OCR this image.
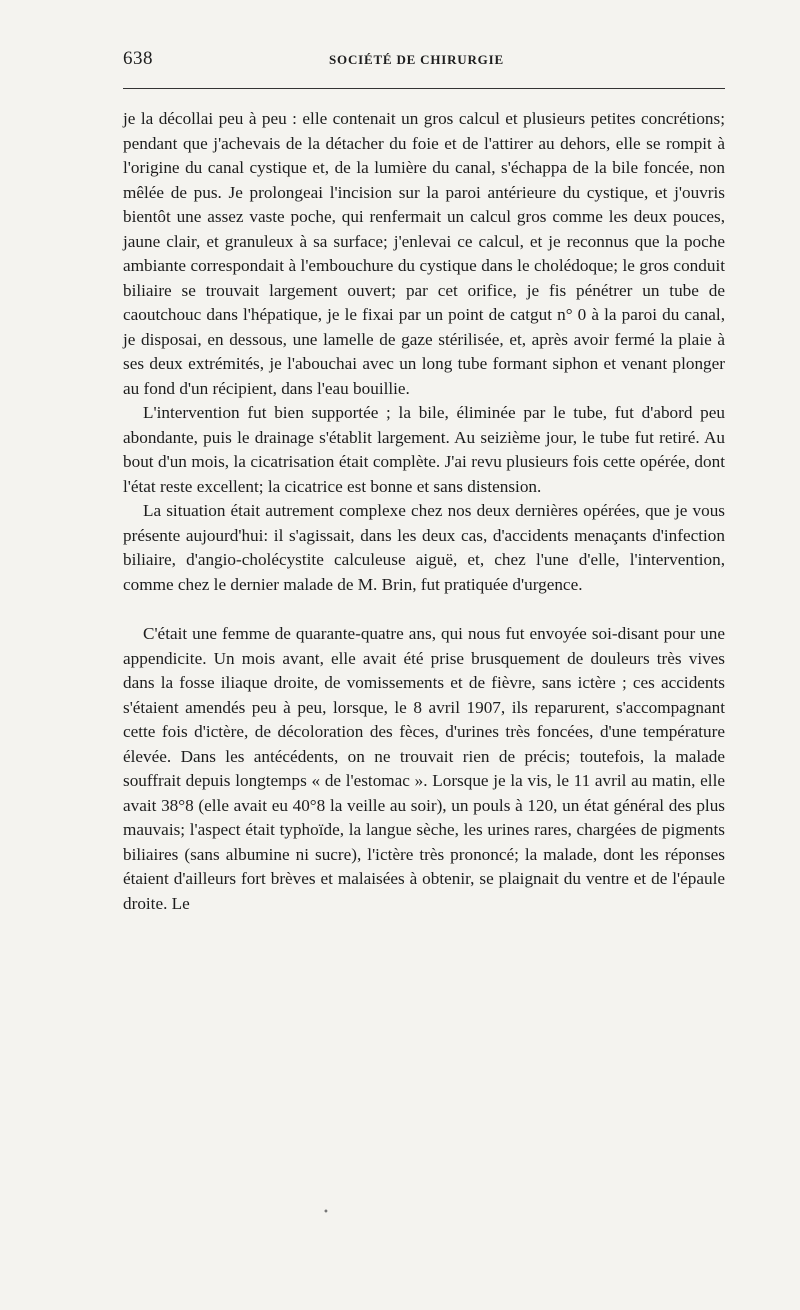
638	SOCIÉTÉ DE CHIRURGIE

je la décollai peu à peu : elle contenait un gros calcul et plusieurs petites concrétions; pendant que j'achevais de la détacher du foie et de l'attirer au dehors, elle se rompit à l'origine du canal cystique et, de la lumière du canal, s'échappa de la bile foncée, non mêlée de pus. Je prolongeai l'incision sur la paroi antérieure du cystique, et j'ouvris bientôt une assez vaste poche, qui renfermait un calcul gros comme les deux pouces, jaune clair, et granuleux à sa surface; j'enlevai ce calcul, et je reconnus que la poche ambiante correspondait à l'embouchure du cystique dans le cholédoque; le gros conduit biliaire se trouvait largement ouvert; par cet orifice, je fis pénétrer un tube de caoutchouc dans l'hépatique, je le fixai par un point de catgut n° 0 à la paroi du canal, je disposai, en dessous, une lamelle de gaze stérilisée, et, après avoir fermé la plaie à ses deux extrémités, je l'abouchai avec un long tube formant siphon et venant plonger au fond d'un récipient, dans l'eau bouillie.

L'intervention fut bien supportée ; la bile, éliminée par le tube, fut d'abord peu abondante, puis le drainage s'établit largement. Au seizième jour, le tube fut retiré. Au bout d'un mois, la cicatrisation était complète. J'ai revu plusieurs fois cette opérée, dont l'état reste excellent; la cicatrice est bonne et sans distension.

La situation était autrement complexe chez nos deux dernières opérées, que je vous présente aujourd'hui: il s'agissait, dans les deux cas, d'accidents menaçants d'infection biliaire, d'angio-cholécystite calculeuse aiguë, et, chez l'une d'elle, l'intervention, comme chez le dernier malade de M. Brin, fut pratiquée d'urgence.

C'était une femme de quarante-quatre ans, qui nous fut envoyée soi-disant pour une appendicite. Un mois avant, elle avait été prise brusquement de douleurs très vives dans la fosse iliaque droite, de vomissements et de fièvre, sans ictère ; ces accidents s'étaient amendés peu à peu, lorsque, le 8 avril 1907, ils reparurent, s'accompagnant cette fois d'ictère, de décoloration des fèces, d'urines très foncées, d'une température élevée. Dans les antécédents, on ne trouvait rien de précis; toutefois, la malade souffrait depuis longtemps « de l'estomac ». Lorsque je la vis, le 11 avril au matin, elle avait 38°8 (elle avait eu 40°8 la veille au soir), un pouls à 120, un état général des plus mauvais; l'aspect était typhoïde, la langue sèche, les urines rares, chargées de pigments biliaires (sans albumine ni sucre), l'ictère très prononcé; la malade, dont les réponses étaient d'ailleurs fort brèves et malaisées à obtenir, se plaignait du ventre et de l'épaule droite. Le

•
